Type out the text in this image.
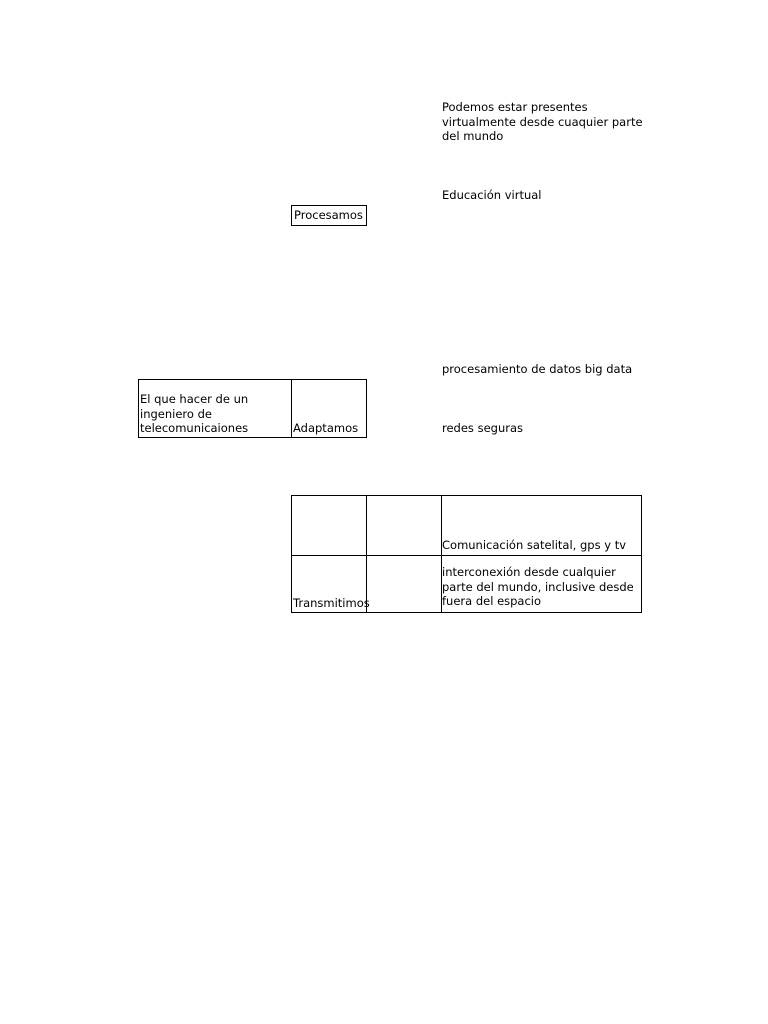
Podemos estar presentes
virtualmente desde cuaquier parte
del mundo
Educación virtual
Procesamos
procesamiento de datos big data
El que hacer de un
ingeniero de
telecomunicaiones	Adaptamos	redes seguras
Comunicación satelital, gps y tv
interconexión desde cualquier
parte del mundo, inclusive desde
fuera del espacio
Transmitimos
